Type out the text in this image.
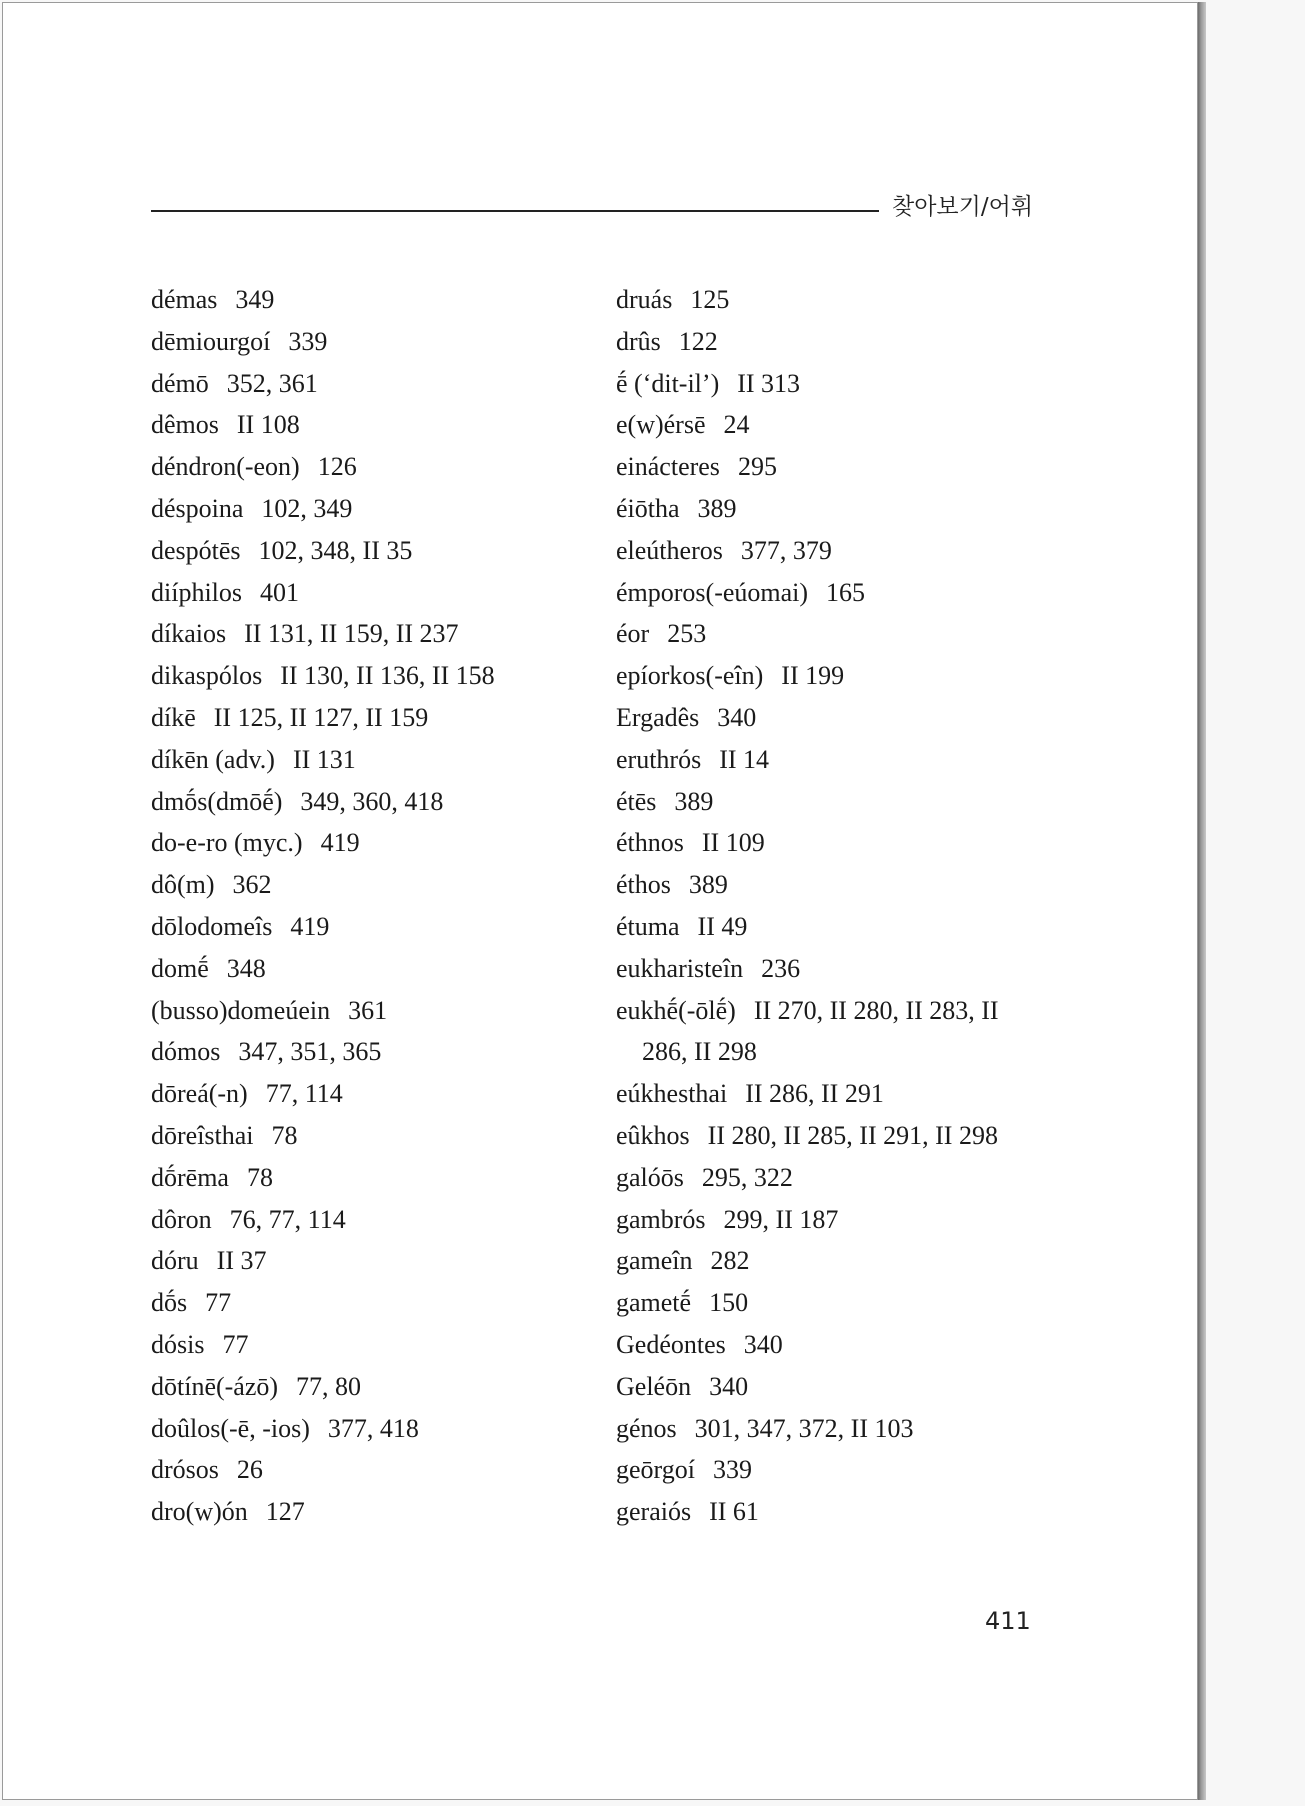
찾아보기/어휘
démas 349
dēmiourgoí 339
démō 352, 361
dêmos II 108
déndron(-eon) 126
déspoina 102, 349
despótēs 102, 348, II 35
diíphilos 401
díkaios II 131, II 159, II 237
dikaspólos II 130, II 136, II 158
díkē II 125, II 127, II 159
díkēn (adv.) II 131
dmṓs(dmōḗ) 349, 360, 418
do-e-ro (myc.) 419
dô(m) 362
dōlodomeîs 419
domḗ 348
(busso)domeúein 361
dómos 347, 351, 365
dōreá(-n) 77, 114
dōreîsthai 78
dṓrēma 78
dôron 76, 77, 114
dóru II 37
dṓs 77
dósis 77
dōtínē(-ázō) 77, 80
doûlos(-ē, -ios) 377, 418
drósos 26
dro(w)ón 127
druás 125
drûs 122
ḗ (‘dit-il’) II 313
e(w)érsē 24
einácteres 295
éiōtha 389
eleútheros 377, 379
émporos(-eúomai) 165
éor 253
epíorkos(-eîn) II 199
Ergadês 340
eruthrós II 14
étēs 389
éthnos II 109
éthos 389
étuma II 49
eukharisteîn 236
eukhḗ(-ōlḗ) II 270, II 280, II 283, II
286, II 298
eúkhesthai II 286, II 291
eûkhos II 280, II 285, II 291, II 298
galóōs 295, 322
gambrós 299, II 187
gameîn 282
gametḗ 150
Gedéontes 340
Geléōn 340
génos 301, 347, 372, II 103
geōrgoí 339
geraiós II 61
411
